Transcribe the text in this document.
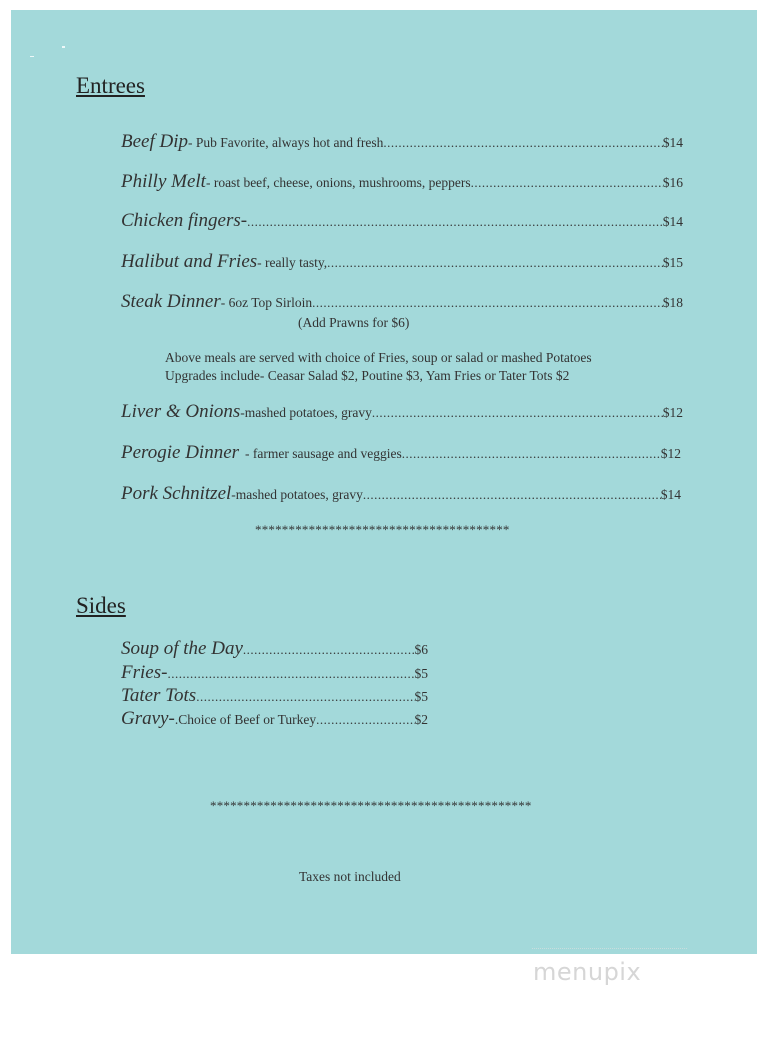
Entrees
Beef Dip - Pub Favorite, always hot and fresh .....	$14
Philly Melt - roast beef, cheese, onions, mushrooms, peppers .....	$16
Chicken fingers- .....	$14
Halibut and Fries - really tasty, .....	$15
Steak Dinner - 6oz Top Sirloin .....	$18
(Add Prawns for $6)
Above meals are served with choice of Fries, soup or salad or mashed Potatoes
Upgrades include- Ceasar Salad $2, Poutine $3, Yam Fries or Tater Tots $2
Liver & Onions -mashed potatoes, gravy .....	$12
Perogie Dinner - farmer sausage and veggies .....	$12
Pork Schnitzel -mashed potatoes, gravy .....	$14
**************************************
Sides
Soup of the Day .....	$6
Fries- .....	$5
Tater Tots .....	$5
Gravy- .Choice of Beef or Turkey .....	$2
************************************************
Taxes not included
menupix
